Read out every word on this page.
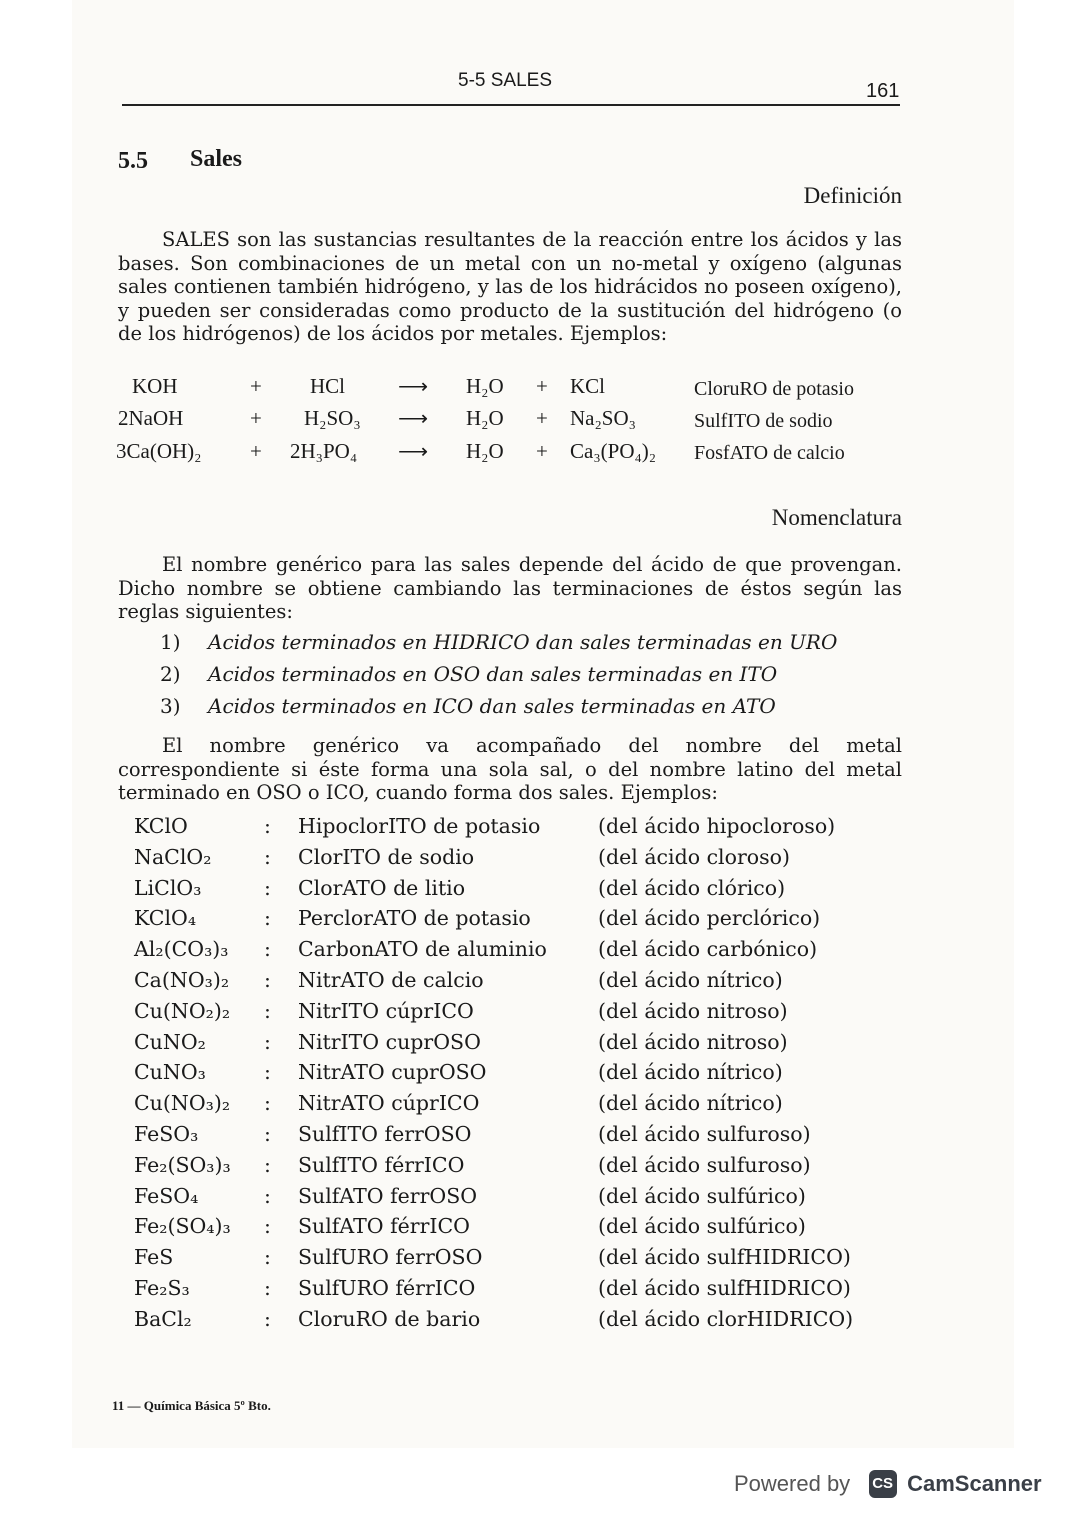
5-5 SALES	161
5.5 Sales
Definición

SALES son las sustancias resultantes de la reacción entre los ácidos y las bases. Son combinaciones de un metal con un no-metal y oxígeno (algunas sales contienen también hidrógeno, y las de los hidrácidos no poseen oxígeno), y pueden ser consideradas como producto de la sustitución del hidrógeno (o de los hidrógenos) de los ácidos por metales. Ejemplos:

KOH	+ HCl	⟶ H₂O + KCl	CloruRO de potasio
2NaOH	+ H₂SO₃ ⟶ H₂O + Na₂SO₃	SulfITO de sodio
3Ca(OH)₂ + 2H₃PO₄ ⟶ H₂O + Ca₃(PO₄)₂ FosfATO de calcio
Nomenclatura

El nombre genérico para las sales depende del ácido de que provengan. Dicho nombre se obtiene cambiando las terminaciones de éstos según las reglas siguientes:

1) Acidos terminados en HIDRICO dan sales terminadas en URO
2) Acidos terminados en OSO dan sales terminadas en ITO
3) Acidos terminados en ICO dan sales terminadas en ATO

El nombre genérico va acompañado del nombre del metal correspondiente si éste forma una sola sal, o del nombre latino del metal terminado en OSO o ICO, cuando forma dos sales. Ejemplos:

KClO	: HipoclorITO de potasio	(del ácido hipocloroso)
NaClO₂	: ClorITO de sodio	(del ácido cloroso)
LiClO₃	: ClorATO de litio	(del ácido clórico)
KClO₄	: PerclorATO de potasio	(del ácido perclórico)
Al₂(CO₃)₃ : CarbonATO de aluminio (del ácido carbónico)
Ca(NO₃)₂ : NitrATO de calcio	(del ácido nítrico)
Cu(NO₂)₂ : NitrITO cúprICO	(del ácido nitroso)
CuNO₂	: NitrITO cuprOSO	(del ácido nitroso)
CuNO₃	: NitrATO cuprOSO	(del ácido nítrico)
Cu(NO₃)₂ : NitrATO cúprICO	(del ácido nítrico)
FeSO₃	: SulfITO ferrOSO	(del ácido sulfuroso)
Fe₂(SO₃)₃ : SulfITO férrICO	(del ácido sulfuroso)
FeSO₄	: SulfATO ferrOSO	(del ácido sulfúrico)
Fe₂(SO₄)₃ : SulfATO férrICO	(del ácido sulfúrico)
FeS	: SulfURO ferrOSO	(del ácido sulfHIDRICO)
Fe₂S₃	: SulfURO férrICO	(del ácido sulfHIDRICO)
BaCl₂	: CloruRO de bario	(del ácido clorHIDRICO)
11 — Química Básica 5º Bto.
Powered by CS CamScanner
